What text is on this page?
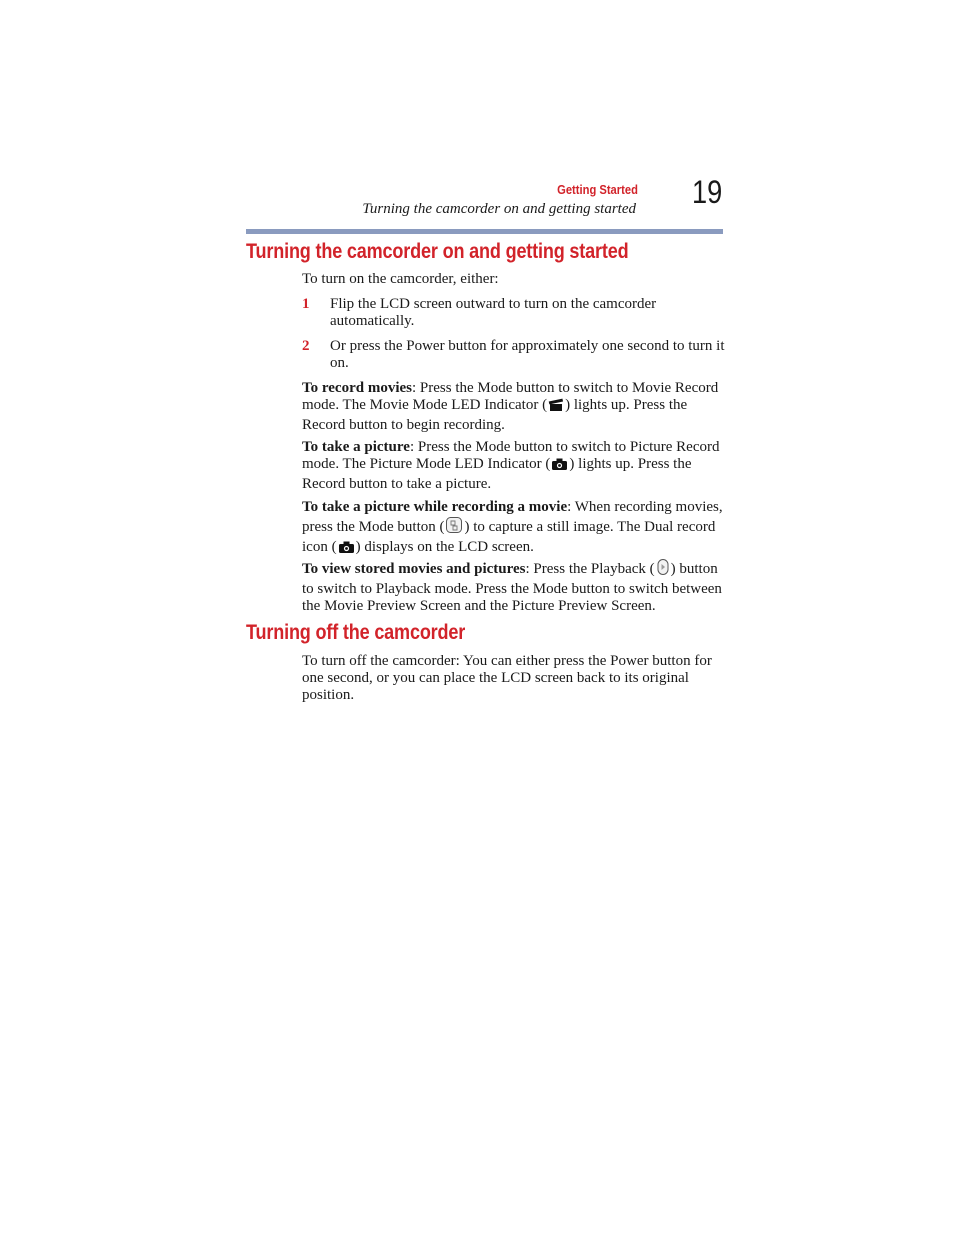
Getting Started
Turning the camcorder on and getting started 19
Turning the camcorder on and getting started

To turn on the camcorder, either:

1 Flip the LCD screen outward to turn on the camcorder automatically.
2 Or press the Power button for approximately one second to turn it on.

To record movies: Press the Mode button to switch to Movie Record mode. The Movie Mode LED Indicator ( ) lights up. Press the Record button to begin recording.

To take a picture: Press the Mode button to switch to Picture Record mode. The Picture Mode LED Indicator ( ) lights up. Press the Record button to take a picture.

To take a picture while recording a movie: When recording movies, press the Mode button ( ) to capture a still image. The Dual record icon ( ) displays on the LCD screen.

To view stored movies and pictures: Press the Playback ( ) button to switch to Playback mode. Press the Mode button to switch between the Movie Preview Screen and the Picture Preview Screen.

Turning off the camcorder

To turn off the camcorder: You can either press the Power button for one second, or you can place the LCD screen back to its original position.
